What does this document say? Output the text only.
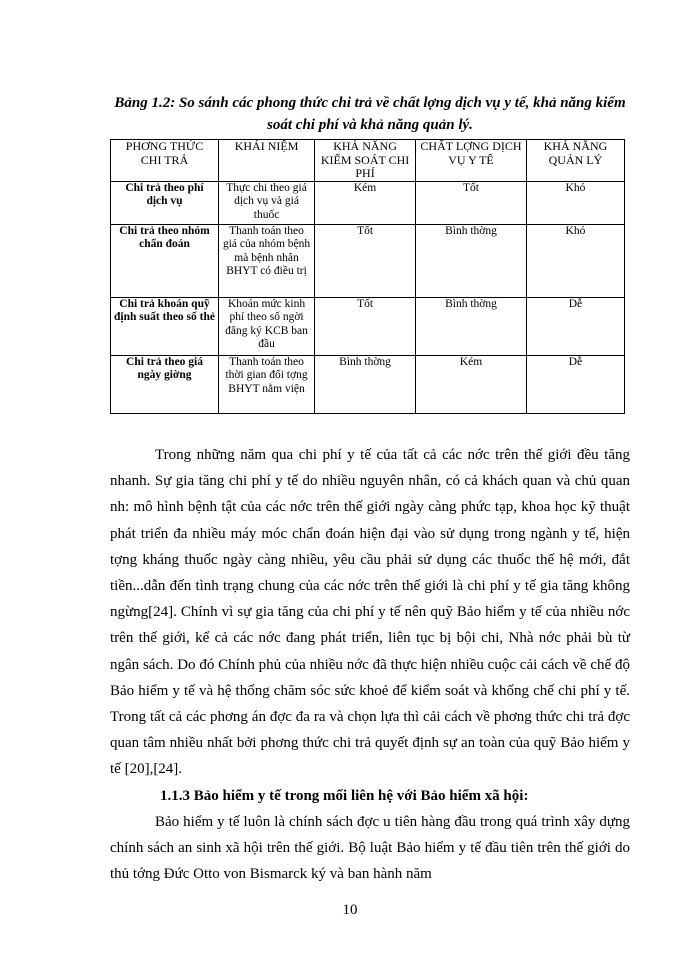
Bảng 1.2: So sánh các phong thức chi trả về chất lợng dịch vụ y tế, khả năng kiểm soát chi phí và khả năng quản lý.
PHƠNG THỨC CHI TRẢ	KHÁI NIỆM	KHẢ NĂNG KIỂM SOÁT CHI PHÍ	CHẤT LỢNG DỊCH VỤ Y TẾ	KHẢ NĂNG QUẢN LÝ
Chi trả theo phí dịch vụ	Thực chi theo giá dịch vụ và giá thuốc	Kém	Tốt	Khó
Chi trả theo nhóm chẩn đoán	Thanh toán theo giá của nhóm bệnh mà bệnh nhân BHYT có điều trị	Tốt	Bình thờng	Khó
Chi trả khoán quỹ định suất theo số thẻ	Khoán mức kinh phí theo số ngời đăng ký KCB ban đầu	Tốt	Bình thờng	Dễ
Chi trả theo giá ngày giờng	Thanh toán theo thời gian đối tợng BHYT nằm viện	Bình thờng	Kém	Dễ

Trong những năm qua chi phí y tế của tất cả các nớc trên thế giới đều tăng nhanh. Sự gia tăng chi phí y tế do nhiều nguyên nhân, có cả khách quan và chủ quan nh: mô hình bệnh tật của các nớc trên thế giới ngày càng phức tạp, khoa học kỹ thuật phát triển đa nhiều máy móc chẩn đoán hiện đại vào sử dụng trong ngành y tế, hiện tợng kháng thuốc ngày càng nhiều, yêu cầu phải sử dụng các thuốc thế hệ mới, đắt tiền...dẫn đến tình trạng chung của các nớc trên thế giới là chi phí y tế gia tăng không ngừng[24]. Chính vì sự gia tăng của chi phí y tế nên quỹ Bảo hiểm y tế của nhiều nớc trên thế giới, kể cả các nớc đang phát triển, liên tục bị bội chi, Nhà nớc phải bù từ ngân sách. Do đó Chính phủ của nhiều nớc đã thực hiện nhiều cuộc cải cách về chế độ Bảo hiểm y tế và hệ thống chăm sóc sức khoẻ để kiểm soát và khống chế chi phí y tế. Trong tất cả các phơng án đợc đa ra và chọn lựa thì cải cách về phơng thức chi trả đợc quan tâm nhiều nhất bởi phơng thức chi trả quyết định sự an toàn của quỹ Bảo hiểm y tế [20],[24].

1.1.3 Bảo hiểm y tế trong mối liên hệ với Bảo hiểm xã hội:

Bảo hiểm y tế luôn là chính sách đợc u tiên hàng đầu trong quá trình xây dựng chính sách an sinh xã hội trên thế giới. Bộ luật Bảo hiểm y tế đầu tiên trên thế giới do thủ tớng Đức Otto von Bismarck ký và ban hành năm

10
